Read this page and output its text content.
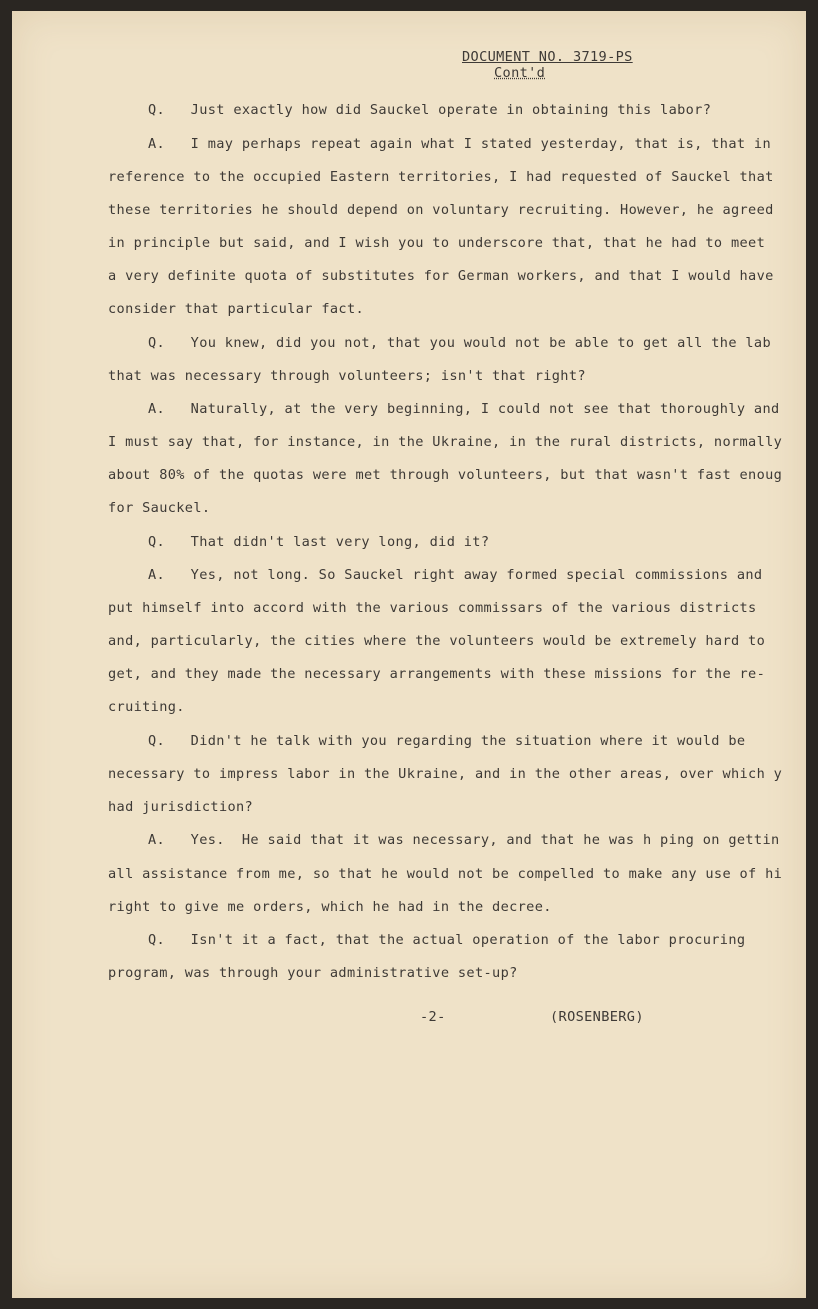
DOCUMENT NO. 3719-PS
Cont'd
Q.   Just exactly how did Sauckel operate in obtaining this labor?
A.   I may perhaps repeat again what I stated yesterday, that is, that in
reference to the occupied Eastern territories, I had requested of Sauckel that
these territories he should depend on voluntary recruiting. However, he agreed
in principle but said, and I wish you to underscore that, that he had to meet
a very definite quota of substitutes for German workers, and that I would have
consider that particular fact.
Q.   You knew, did you not, that you would not be able to get all the lab
that was necessary through volunteers; isn't that right?
A.   Naturally, at the very beginning, I could not see that thoroughly and
I must say that, for instance, in the Ukraine, in the rural districts, normally
about 80% of the quotas were met through volunteers, but that wasn't fast enoug
for Sauckel.
Q.   That didn't last very long, did it?
A.   Yes, not long. So Sauckel right away formed special commissions and
put himself into accord with the various commissars of the various districts
and, particularly, the cities where the volunteers would be extremely hard to
get, and they made the necessary arrangements with these missions for the re-
cruiting.
Q.   Didn't he talk with you regarding the situation where it would be
necessary to impress labor in the Ukraine, and in the other areas, over which y
had jurisdiction?
A.   Yes.  He said that it was necessary, and that he was h ping on gettin
all assistance from me, so that he would not be compelled to make any use of hi
right to give me orders, which he had in the decree.
Q.   Isn't it a fact, that the actual operation of the labor procuring
program, was through your administrative set-up?
-2-	(ROSENBERG)
